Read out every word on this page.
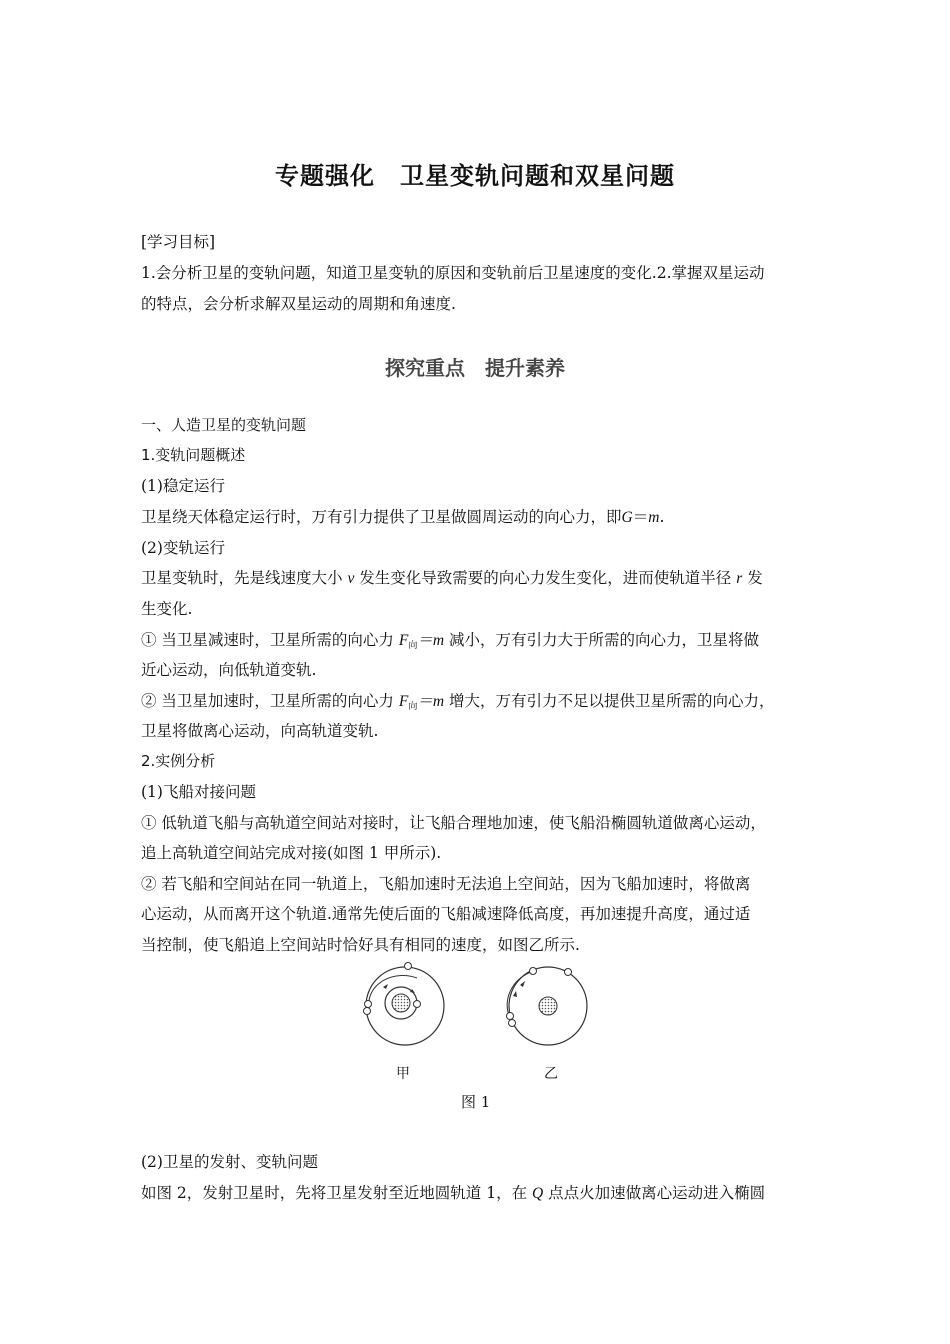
专题强化　卫星变轨问题和双星问题
[学习目标]
1.会分析卫星的变轨问题，知道卫星变轨的原因和变轨前后卫星速度的变化.2.掌握双星运动
的特点，会分析求解双星运动的周期和角速度.
探究重点　提升素养
一、人造卫星的变轨问题
1.变轨问题概述
(1)稳定运行
卫星绕天体稳定运行时，万有引力提供了卫星做圆周运动的向心力，即G＝m.
(2)变轨运行
卫星变轨时，先是线速度大小 v 发生变化导致需要的向心力发生变化，进而使轨道半径 r 发
生变化.
① 当卫星减速时，卫星所需的向心力 $F_向=m$ 减小，万有引力大于所需的向心力，卫星将做
近心运动，向低轨道变轨.
② 当卫星加速时，卫星所需的向心力 $F_向=m$ 增大，万有引力不足以提供卫星所需的向心力，
卫星将做离心运动，向高轨道变轨.
2.实例分析
(1)飞船对接问题
① 低轨道飞船与高轨道空间站对接时，让飞船合理地加速，使飞船沿椭圆轨道做离心运动，
追上高轨道空间站完成对接(如图 1 甲所示).
② 若飞船和空间站在同一轨道上，飞船加速时无法追上空间站，因为飞船加速时，将做离
心运动，从而离开这个轨道.通常先使后面的飞船减速降低高度，再加速提升高度，通过适
当控制，使飞船追上空间站时恰好具有相同的速度，如图乙所示.
甲	乙
图 1
(2)卫星的发射、变轨问题
如图 2，发射卫星时，先将卫星发射至近地圆轨道 1，在 Q 点点火加速做离心运动进入椭圆
